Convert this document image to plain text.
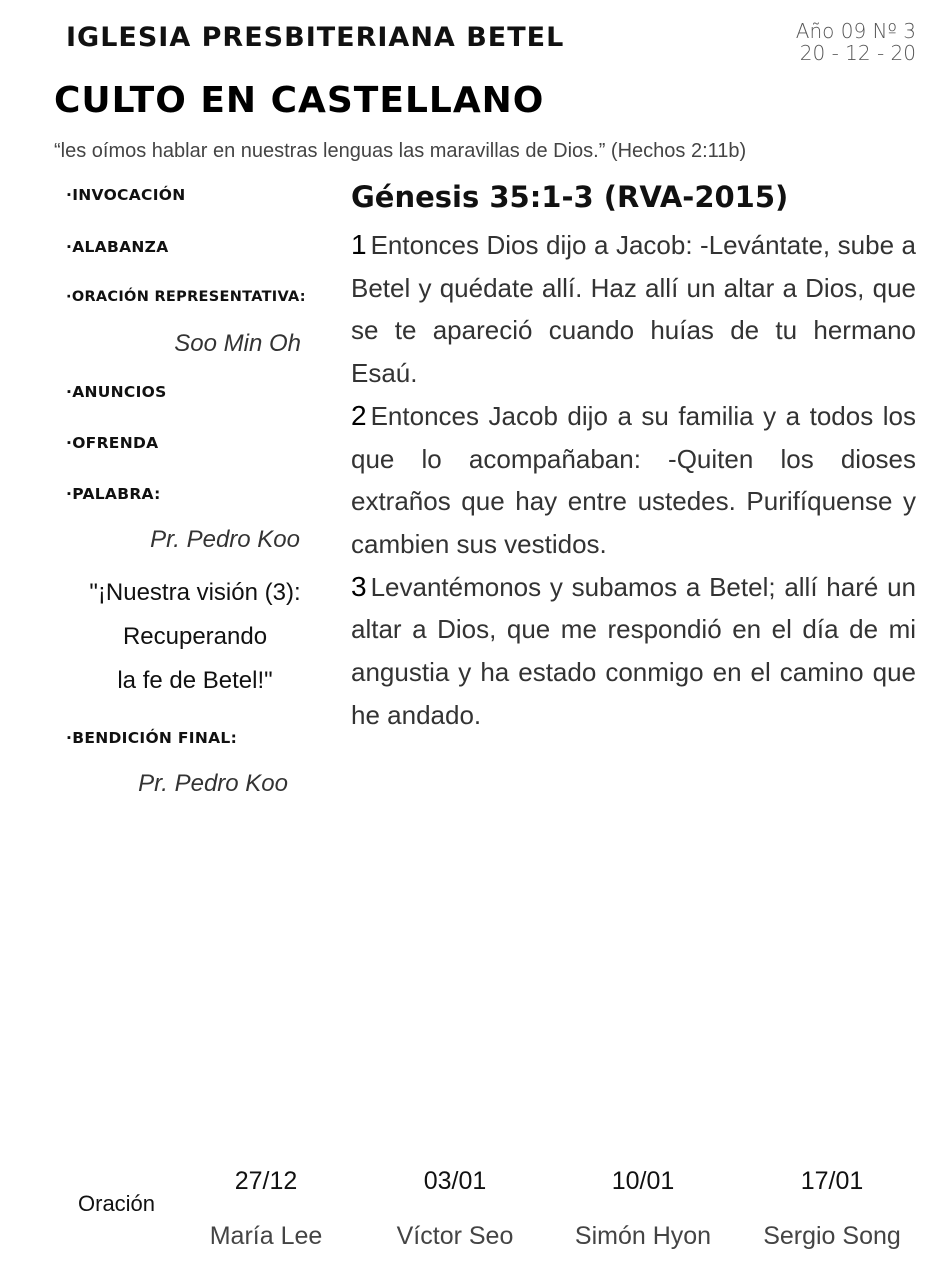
IGLESIA PRESBITERIANA BETEL	Año 09 Nº 3
20 - 12 - 20
CULTO EN CASTELLANO
“les oímos hablar en nuestras lenguas las maravillas de Dios.” (Hechos 2:11b)
·INVOCACIÓN
·ALABANZA
·ORACIÓN REPRESENTATIVA:
Soo Min Oh
·ANUNCIOS
·OFRENDA
·PALABRA:
Pr. Pedro Koo
"¡Nuestra visión (3):
Recuperando
la fe de Betel!"
·BENDICIÓN FINAL:
Pr. Pedro Koo
Génesis 35:1-3 (RVA-2015)
1 Entonces Dios dijo a Jacob: -Levántate, sube a Betel y quédate allí. Haz allí un altar a Dios, que se te apareció cuando huías de tu hermano Esaú.
2 Entonces Jacob dijo a su familia y a todos los que lo acompañaban: -Quiten los dioses extraños que hay entre ustedes. Purifíquense y cambien sus vestidos.
3 Levantémonos y subamos a Betel; allí haré un altar a Dios, que me respondió en el día de mi angustia y ha estado conmigo en el camino que he andado.
Oración
27/12
María Lee
03/01
Víctor Seo
10/01
Simón Hyon
17/01
Sergio Song
